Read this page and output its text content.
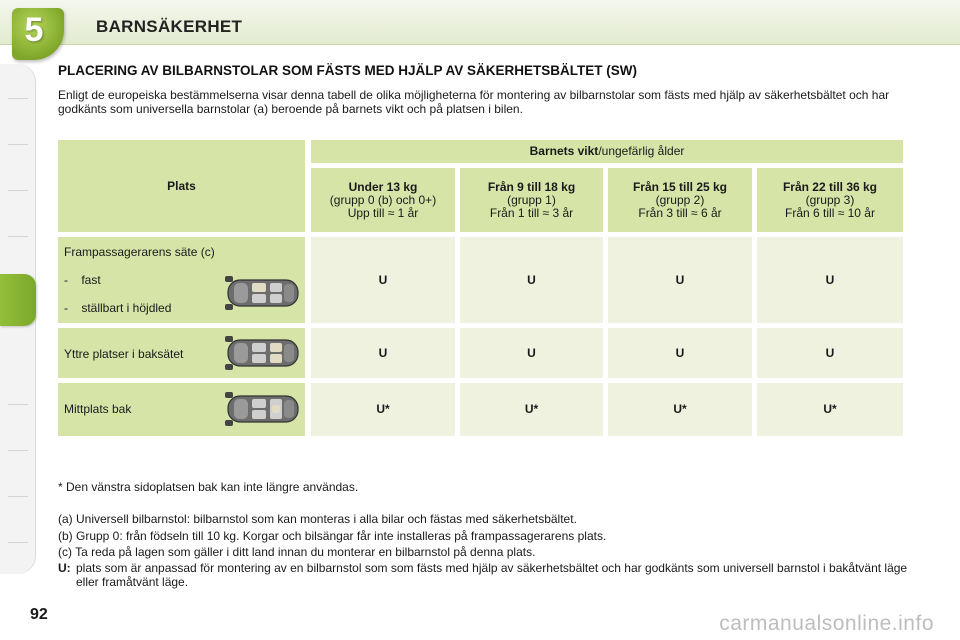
5	BARNSÄKERHET
PLACERING AV BILBARNSTOLAR SOM FÄSTS MED HJÄLP AV SÄKERHETSBÄLTET (SW)
Enligt de europeiska bestämmelserna visar denna tabell de olika möjligheterna för montering av bilbarnstolar som fästs med hjälp av säkerhetsbältet och har godkänts som universella barnstolar (a) beroende på barnets vikt och på platsen i bilen.
Plats
Barnets vikt/ungefärlig ålder
Under 13 kg
(grupp 0 (b) och 0+)
Upp till ≈ 1 år
Från 9 till 18 kg
(grupp 1)
Från 1 till ≈ 3 år
Från 15 till 25 kg
(grupp 2)
Från 3 till ≈ 6 år
Från 22 till 36 kg
(grupp 3)
Från 6 till ≈ 10 år
Frampassagerarens säte (c)
-    fast
-    ställbart i höjdled
U	U	U	U
Yttre platser i baksätet	U	U	U	U
Mittplats bak	U*	U*	U*	U*
* Den vänstra sidoplatsen bak kan inte längre användas.
(a) Universell bilbarnstol: bilbarnstol som kan monteras i alla bilar och fästas med säkerhetsbältet.
(b) Grupp 0: från födseln till 10 kg. Korgar och bilsängar får inte installeras på frampassagerarens plats.
(c) Ta reda på lagen som gäller i ditt land innan du monterar en bilbarnstol på denna plats.
U: plats som är anpassad för montering av en bilbarnstol som som fästs med hjälp av säkerhetsbältet och har godkänts som universell barnstol i bakåtvänt läge eller framåtvänt läge.
92	carmanualsonline.info
